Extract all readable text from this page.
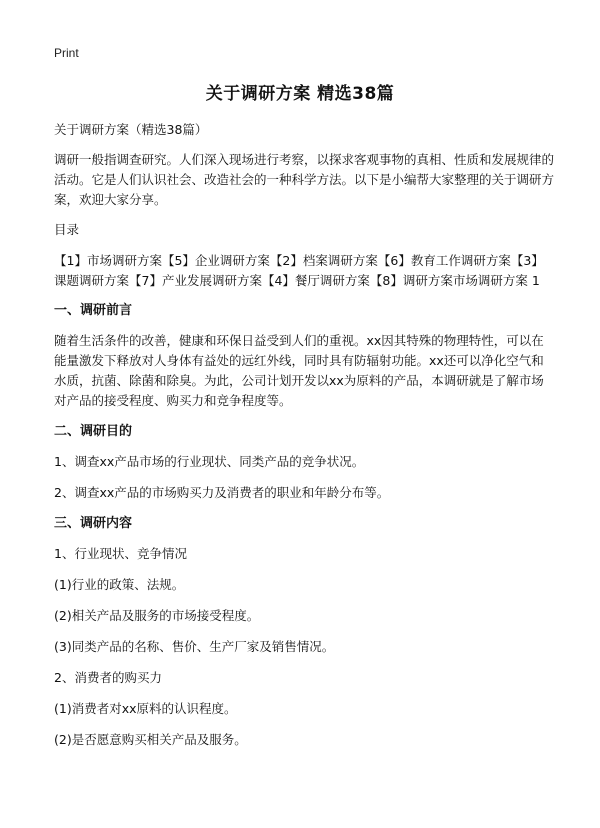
Print
关于调研方案 精选38篇

关于调研方案（精选38篇）

调研一般指调查研究。人们深入现场进行考察，以探求客观事物的真相、性质和发展规律的活动。它是人们认识社会、改造社会的一种科学方法。以下是小编帮大家整理的关于调研方案，欢迎大家分享。

目录

【1】市场调研方案【5】企业调研方案【2】档案调研方案【6】教育工作调研方案【3】课题调研方案【7】产业发展调研方案【4】餐厅调研方案【8】调研方案市场调研方案 1

一、调研前言

随着生活条件的改善，健康和环保日益受到人们的重视。xx因其特殊的物理特性，可以在能量激发下释放对人身体有益处的远红外线，同时具有防辐射功能。xx还可以净化空气和水质，抗菌、除菌和除臭。为此，公司计划开发以xx为原料的产品，本调研就是了解市场对产品的接受程度、购买力和竞争程度等。

二、调研目的

1、调查xx产品市场的行业现状、同类产品的竞争状况。

2、调查xx产品的市场购买力及消费者的职业和年龄分布等。

三、调研内容

1、行业现状、竞争情况

(1)行业的政策、法规。

(2)相关产品及服务的市场接受程度。

(3)同类产品的名称、售价、生产厂家及销售情况。

2、消费者的购买力

(1)消费者对xx原料的认识程度。

(2)是否愿意购买相关产品及服务。
